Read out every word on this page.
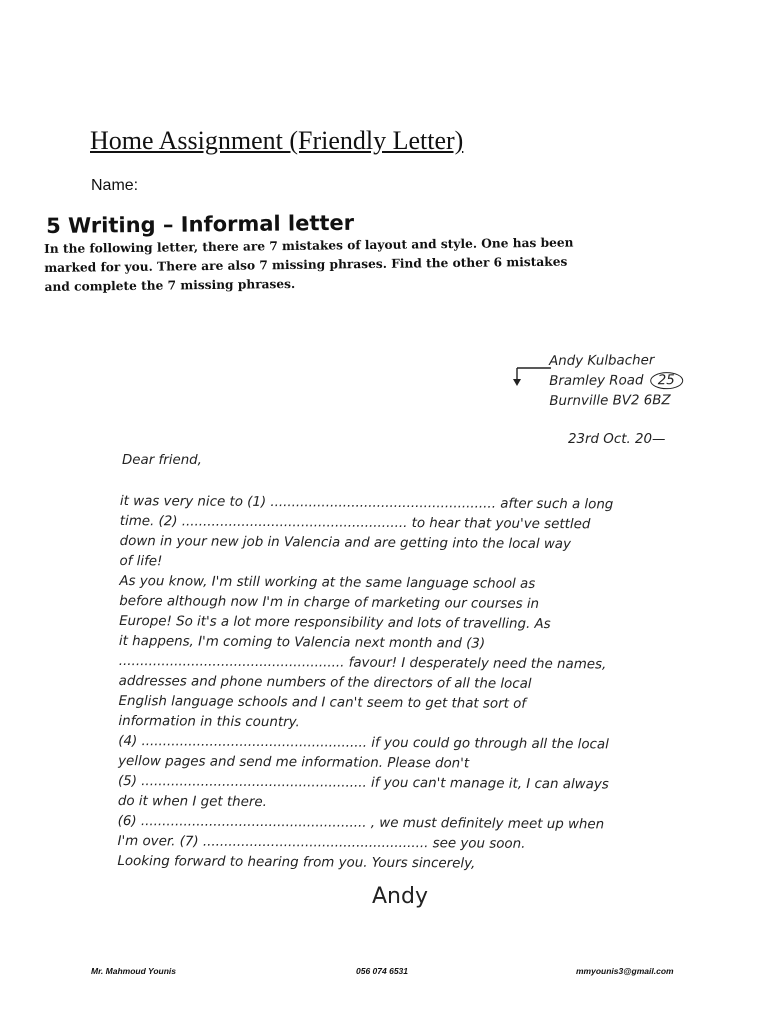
Home Assignment (Friendly Letter)
Name:
5 Writing – Informal letter
In the following letter, there are 7 mistakes of layout and style. One has been
marked for you. There are also 7 missing phrases. Find the other 6 mistakes
and complete the 7 missing phrases.
Andy Kulbacher
Bramley Road 25
Burnville BV2 6BZ
23rd Oct. 20—
Dear friend,
it was very nice to (1) ..................................................... after such a long
time. (2) ..................................................... to hear that you've settled
down in your new job in Valencia and are getting into the local way
of life!
As you know, I'm still working at the same language school as
before although now I'm in charge of marketing our courses in
Europe! So it's a lot more responsibility and lots of travelling. As
it happens, I'm coming to Valencia next month and (3)
..................................................... favour! I desperately need the names,
addresses and phone numbers of the directors of all the local
English language schools and I can't seem to get that sort of
information in this country.
(4) ..................................................... if you could go through all the local
yellow pages and send me information. Please don't
(5) ..................................................... if you can't manage it, I can always
do it when I get there.
(6) ..................................................... , we must definitely meet up when
I'm over. (7) ..................................................... see you soon.
Looking forward to hearing from you. Yours sincerely,
Andy
Mr. Mahmoud Younis	056 074 6531	mmyounis3@gmail.com
